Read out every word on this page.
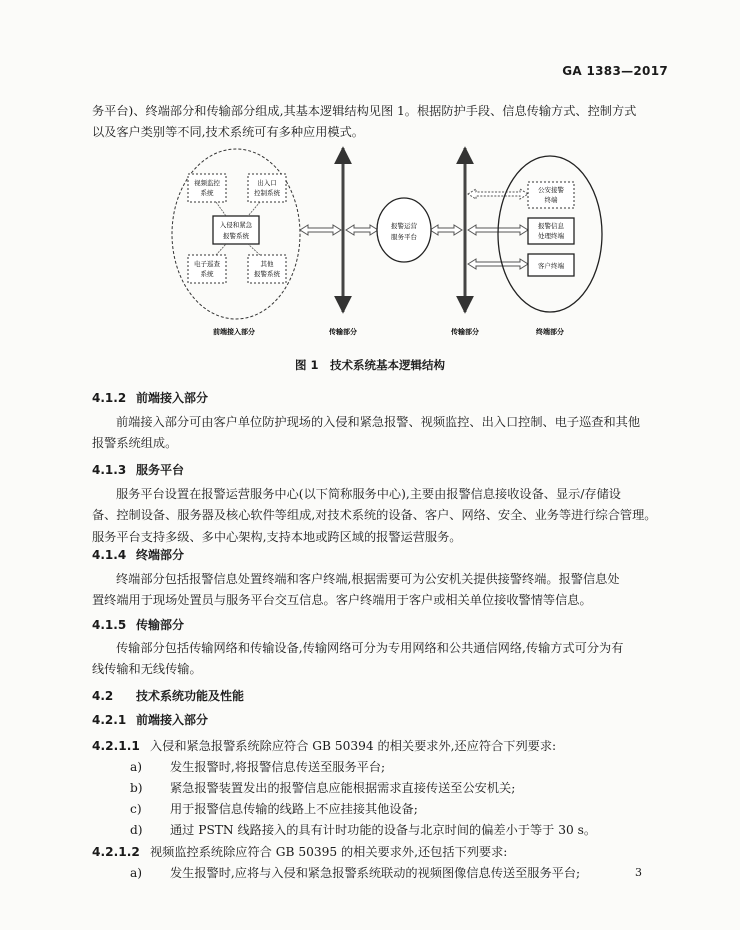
GA 1383—2017

务平台)、终端部分和传输部分组成,其基本逻辑结构见图 1。根据防护手段、信息传输方式、控制方式

以及客户类别等不同,技术系统可有多种应用模式。

视频监控
系统
出入口
控制系统
入侵和紧急
报警系统
电子巡查
系统
其他
报警系统
报警运营
服务平台
公安接警
终端
报警信息
处理终端
客户终端
前端接入部分	传输部分	传输部分	终端部分
图 1　技术系统基本逻辑结构
4.1.2 前端接入部分

前端接入部分可由客户单位防护现场的入侵和紧急报警、视频监控、出入口控制、电子巡查和其他

报警系统组成。

4.1.3 服务平台

服务平台设置在报警运营服务中心(以下简称服务中心),主要由报警信息接收设备、显示/存储设

备、控制设备、服务器及核心软件等组成,对技术系统的设备、客户、网络、安全、业务等进行综合管理。

服务平台支持多级、多中心架构,支持本地或跨区域的报警运营服务。

4.1.4 终端部分

终端部分包括报警信息处置终端和客户终端,根据需要可为公安机关提供接警终端。报警信息处

置终端用于现场处置员与服务平台交互信息。客户终端用于客户或相关单位接收警情等信息。

4.1.5 传输部分

传输部分包括传输网络和传输设备,传输网络可分为专用网络和公共通信网络,传输方式可分为有

线传输和无线传输。

4.2 技术系统功能及性能
4.2.1 前端接入部分
4.2.1.1 入侵和紧急报警系统除应符合 GB 50394 的相关要求外,还应符合下列要求:
a) 发生报警时,将报警信息传送至服务平台;
b) 紧急报警装置发出的报警信息应能根据需求直接传送至公安机关;
c) 用于报警信息传输的线路上不应挂接其他设备;
d) 通过 PSTN 线路接入的具有计时功能的设备与北京时间的偏差小于等于 30 s。
4.2.1.2 视频监控系统除应符合 GB 50395 的相关要求外,还包括下列要求:
a) 发生报警时,应将与入侵和紧急报警系统联动的视频图像信息传送至服务平台;	3
